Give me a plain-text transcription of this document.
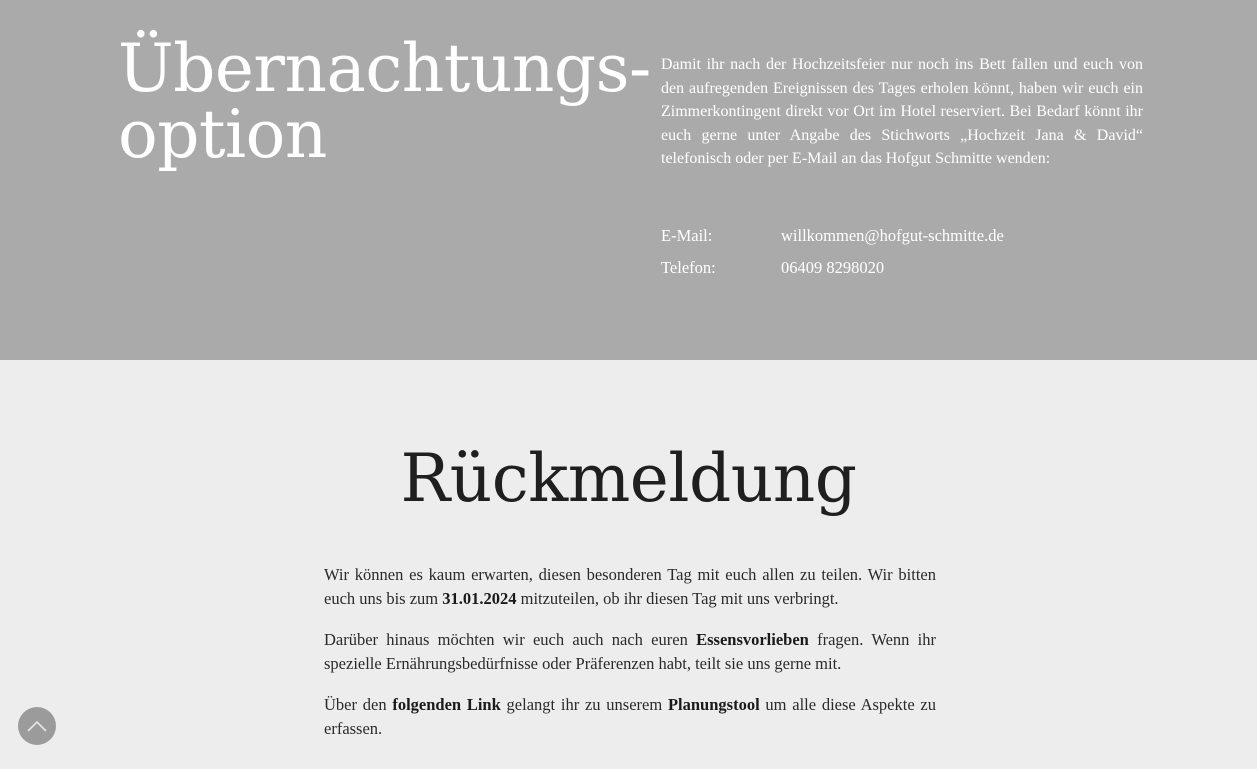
Übernachtungs-
option

Damit ihr nach der Hochzeitsfeier nur noch ins Bett fallen und euch von den aufregenden Ereignissen des Tages erholen könnt, haben wir euch ein Zimmerkontingent direkt vor Ort im Hotel reserviert. Bei Bedarf könnt ihr euch gerne unter Angabe des Stichworts „Hochzeit Jana & David“ telefonisch oder per E-Mail an das Hofgut Schmitte wenden:

E-Mail:	willkommen@hofgut-schmitte.de
Telefon:	06409 8298020
Rückmeldung

Wir können es kaum erwarten, diesen besonderen Tag mit euch allen zu teilen. Wir bitten euch uns bis zum 31.01.2024 mitzuteilen, ob ihr diesen Tag mit uns verbringt.

Darüber hinaus möchten wir euch auch nach euren Essensvorlieben fragen. Wenn ihr spezielle Ernährungsbedürfnisse oder Präferenzen habt, teilt sie uns gerne mit.

Über den folgenden Link gelangt ihr zu unserem Planungstool um alle diese Aspekte zu erfassen.
